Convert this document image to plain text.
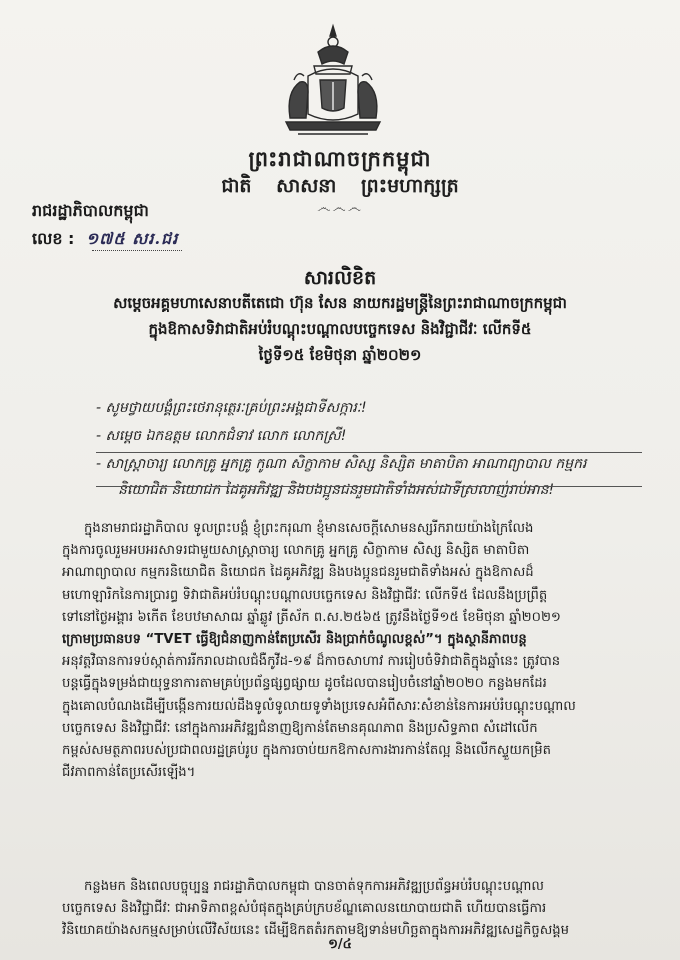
ព្រះរាជាណាចក្រកម្ពុជា
ជាតិ សាសនា ព្រះមហាក្សត្រ
෴෴෴
រាជរដ្ឋាភិបាលកម្ពុជា
លេខ : ១៧៥ សរ.ជរ
សារលិខិត
សម្តេចអគ្គមហាសេនាបតីតេជោ ហ៊ុន សែន នាយករដ្ឋមន្ត្រីនៃព្រះរាជាណាចក្រកម្ពុជា
ក្នុងឱកាសទិវាជាតិអប់រំបណ្តុះបណ្តាលបច្ចេកទេស និងវិជ្ជាជីវៈ លើកទី៥
ថ្ងៃទី១៥ ខែមិថុនា ឆ្នាំ២០២១
- សូមថ្វាយបង្គំព្រះថេរានុត្ថេរៈគ្រប់ព្រះអង្គជាទីសក្ការៈ!
- សម្តេច ឯកឧត្តម លោកជំទាវ លោក លោកស្រី!
- សាស្ត្រាចារ្យ លោកគ្រូ អ្នកគ្រូ កូណា សិក្ខាកាម សិស្ស និស្សិត មាតាបិតា អាណាព្យាបាល កម្មករ
និយោជិត និយោជក ដៃគូអភិវឌ្ឍ និងបងប្អូនជនរួមជាតិទាំងអស់ជាទីស្រលាញ់រាប់អាន!
ក្នុងនាមរាជរដ្ឋាភិបាល ទូលព្រះបង្គំ ខ្ញុំព្រះករុណា ខ្ញុំមានសេចក្តីសោមនស្សរីករាយយ៉ាងក្រៃលែង
ក្នុងការចូលរួមអបអរសាទរជាមួយសាស្ត្រាចារ្យ លោកគ្រូ អ្នកគ្រូ សិក្ខាកាម សិស្ស និស្សិត មាតាបិតា
អាណាព្យាបាល កម្មករនិយោជិត និយោជក ដៃគូអភិវឌ្ឍ និងបងប្អូនជនរួមជាតិទាំងអស់ ក្នុងឱកាសដ៏
មហោឡារិកនៃការប្រារព្ធ ទិវាជាតិអប់រំបណ្តុះបណ្តាលបច្ចេកទេស និងវិជ្ជាជីវៈ លើកទី៥ ដែលនឹងប្រព្រឹត្ត
ទៅនៅថ្ងៃអង្គារ ៦កើត ខែបឋមាសាឍ ឆ្នាំឆ្លូវ ត្រីស័ក ព.ស.២៥៦៥ ត្រូវនឹងថ្ងៃទី១៥ ខែមិថុនា ឆ្នាំ២០២១
ក្រោមប្រធានបទ “TVET ធ្វើឱ្យជំនាញកាន់តែប្រសើរ និងប្រាក់ចំណូលខ្ពស់”។ ក្នុងស្ថានីភាពបន្ត
អនុវត្តវិធានការទប់ស្កាត់ការរីករាលដាលជំងឺកូវីដ-១៩ ដ៏កាចសាហាវ ការរៀបចំទិវាជាតិក្នុងឆ្នាំនេះ ត្រូវបាន
បន្តធ្វើក្នុងទម្រង់ជាយុទ្ធនាការតាមគ្រប់ប្រព័ន្ធផ្សព្វផ្សាយ ដូចដែលបានរៀបចំនៅឆ្នាំ២០២០ កន្លងមកដែរ
ក្នុងគោលបំណងដើម្បីបង្កើនការយល់ដឹងទូលំទូលាយទូទាំងប្រទេសអំពីសារៈសំខាន់នៃការអប់រំបណ្តុះបណ្តាល
បច្ចេកទេស និងវិជ្ជាជីវៈ នៅក្នុងការអភិវឌ្ឍជំនាញឱ្យកាន់តែមានគុណភាព និងប្រសិទ្ធភាព សំដៅលើក
កម្ពស់សមត្ថភាពរបស់ប្រជាពលរដ្ឋគ្រប់រូប ក្នុងការចាប់យកឱកាសការងារកាន់តែល្អ និងលើកស្ទួយកម្រិត
ជីវភាពកាន់តែប្រសើរឡើង។
កន្លងមក និងពេលបច្ចុប្បន្ន រាជរដ្ឋាភិបាលកម្ពុជា បានចាត់ទុកការអភិវឌ្ឍប្រព័ន្ធអប់រំបណ្តុះបណ្តាល
បច្ចេកទេស និងវិជ្ជាជីវៈ ជាអាទិភាពខ្ពស់បំផុតក្នុងគ្រប់ក្របខ័ណ្ឌគោលនយោបាយជាតិ ហើយបានធ្វើការ
វិនិយោគយ៉ាងសកម្មសម្រាប់លើវិស័យនេះ ដើម្បីឱកតតំរកតាមឱ្យទាន់មហិច្ឆតាក្នុងការអភិវឌ្ឍសេដ្ឋកិច្ចសង្គម
១/៤
